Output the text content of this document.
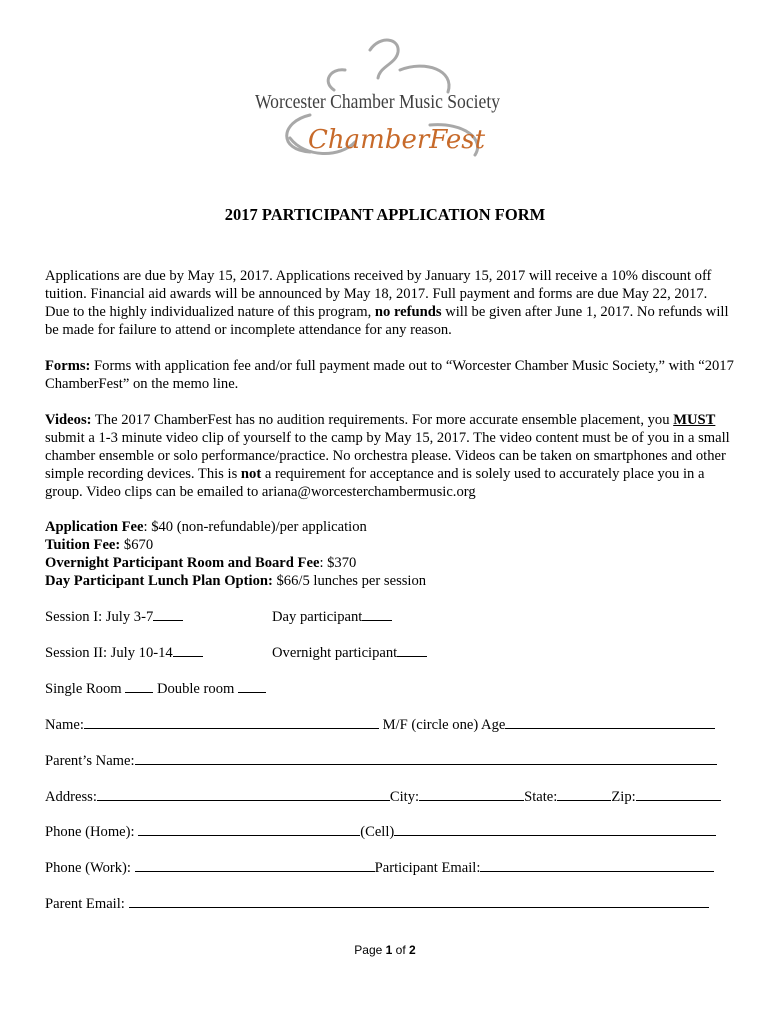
Worcester Chamber Music Society
ChamberFest
2017 PARTICIPANT APPLICATION FORM
Applications are due by May 15, 2017. Applications received by January 15, 2017 will receive a 10% discount off tuition. Financial aid awards will be announced by May 18, 2017. Full payment and forms are due May 22, 2017. Due to the highly individualized nature of this program, no refunds will be given after June 1, 2017. No refunds will be made for failure to attend or incomplete attendance for any reason.
Forms: Forms with application fee and/or full payment made out to “Worcester Chamber Music Society,” with “2017 ChamberFest” on the memo line.
Videos: The 2017 ChamberFest has no audition requirements. For more accurate ensemble placement, you MUST submit a 1-3 minute video clip of yourself to the camp by May 15, 2017. The video content must be of you in a small chamber ensemble or solo performance/practice. No orchestra please. Videos can be taken on smartphones and other simple recording devices. This is not a requirement for acceptance and is solely used to accurately place you in a group. Video clips can be emailed to ariana@worcesterchambermusic.org
Application Fee: $40 (non-refundable)/per application
Tuition Fee: $670
Overnight Participant Room and Board Fee: $370
Day Participant Lunch Plan Option: $66/5 lunches per session
Session I: July 3-7	Day participant
Session II: July 10-14	Overnight participant
Single Room Double room
Name:	M/F (circle one) Age
Parent’s Name:
Address:	City:	State:	Zip:
Phone (Home):	(Cell)
Phone (Work):	Participant Email:
Parent Email:
Page 1 of 2
